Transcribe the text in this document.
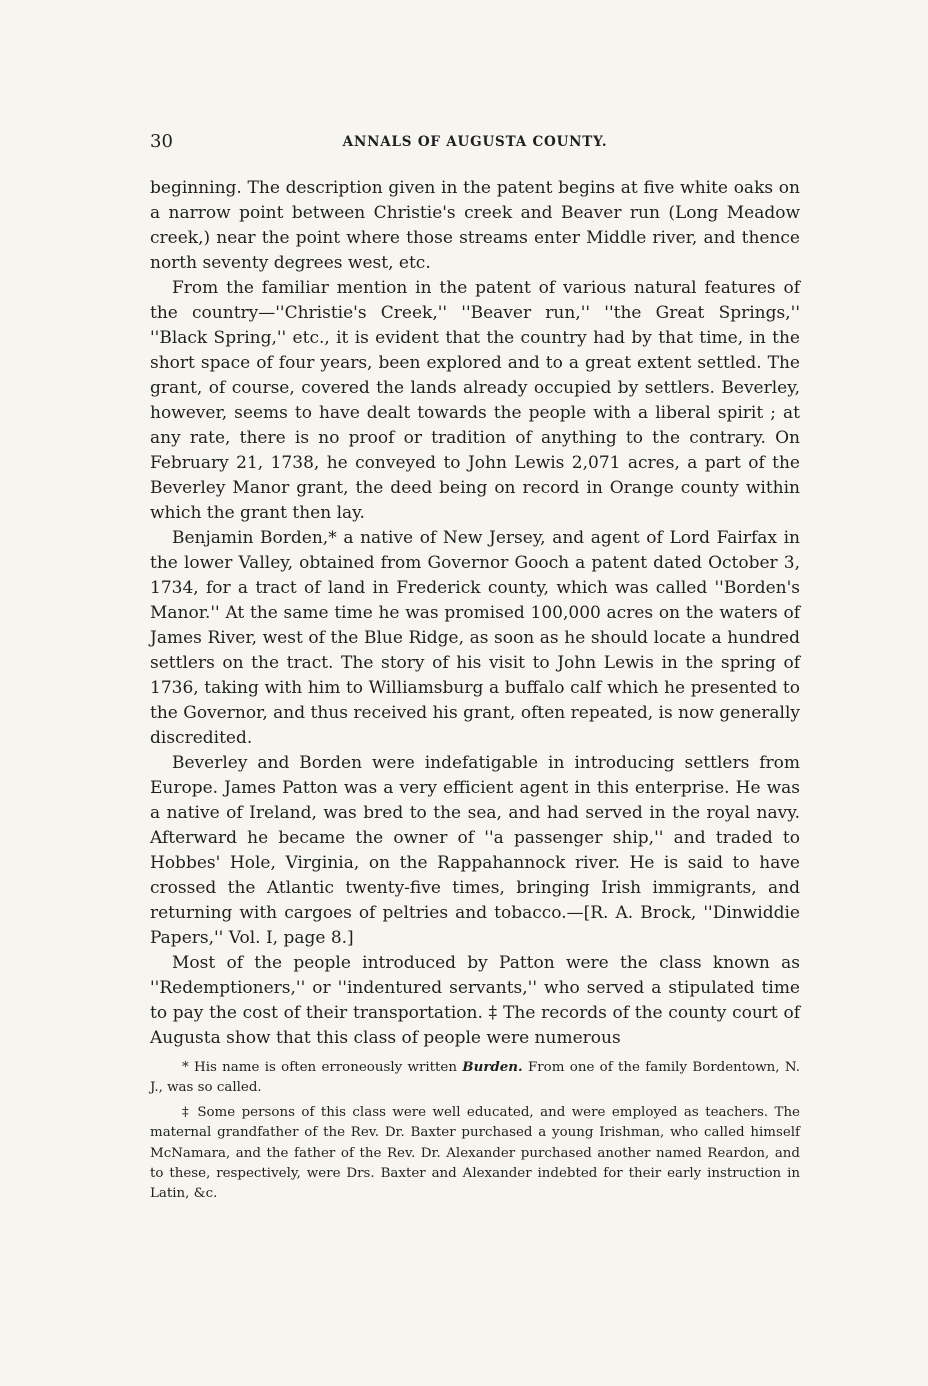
30	ANNALS OF AUGUSTA COUNTY.

beginning. The description given in the patent begins at five white oaks on a narrow point between Christie's creek and Beaver run (Long Meadow creek,) near the point where those streams enter Middle river, and thence north seventy degrees west, etc.

From the familiar mention in the patent of various natural features of the country—''Christie's Creek,'' ''Beaver run,'' ''the Great Springs,'' ''Black Spring,'' etc., it is evident that the country had by that time, in the short space of four years, been explored and to a great extent settled. The grant, of course, covered the lands already occupied by settlers. Beverley, however, seems to have dealt towards the people with a liberal spirit ; at any rate, there is no proof or tradition of anything to the contrary. On February 21, 1738, he conveyed to John Lewis 2,071 acres, a part of the Beverley Manor grant, the deed being on record in Orange county within which the grant then lay.

Benjamin Borden,* a native of New Jersey, and agent of Lord Fairfax in the lower Valley, obtained from Governor Gooch a patent dated October 3, 1734, for a tract of land in Frederick county, which was called ''Borden's Manor.'' At the same time he was promised 100,000 acres on the waters of James River, west of the Blue Ridge, as soon as he should locate a hundred settlers on the tract. The story of his visit to John Lewis in the spring of 1736, taking with him to Williamsburg a buffalo calf which he presented to the Governor, and thus received his grant, often repeated, is now generally discredited.

Beverley and Borden were indefatigable in introducing settlers from Europe. James Patton was a very efficient agent in this enterprise. He was a native of Ireland, was bred to the sea, and had served in the royal navy. Afterward he became the owner of ''a passenger ship,'' and traded to Hobbes' Hole, Virginia, on the Rappahannock river. He is said to have crossed the Atlantic twenty-five times, bringing Irish immigrants, and returning with cargoes of peltries and tobacco.—[R. A. Brock, ''Dinwiddie Papers,'' Vol. I, page 8.]

Most of the people introduced by Patton were the class known as ''Redemptioners,'' or ''indentured servants,'' who served a stipulated time to pay the cost of their transportation. ‡ The records of the county court of Augusta show that this class of people were numerous

* His name is often erroneously written Burden. From one of the family Bordentown, N. J., was so called.

‡ Some persons of this class were well educated, and were employed as teachers. The maternal grandfather of the Rev. Dr. Baxter purchased a young Irishman, who called himself McNamara, and the father of the Rev. Dr. Alexander purchased another named Reardon, and to these, respectively, were Drs. Baxter and Alexander indebted for their early instruction in Latin, &c.
